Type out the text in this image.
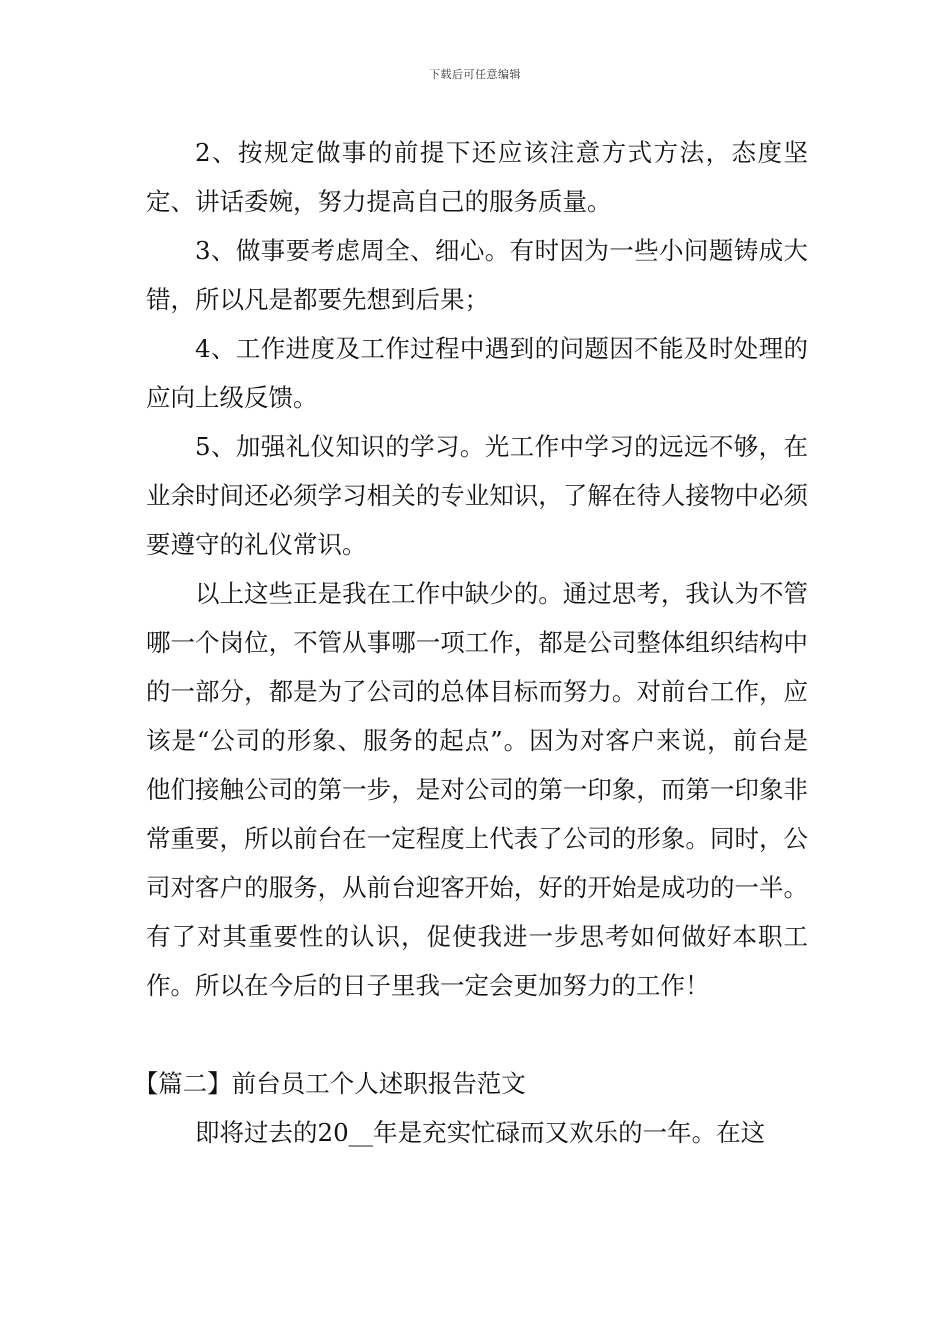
下载后可任意编辑

2、按规定做事的前提下还应该注意方式方法，态度坚定、讲话委婉，努力提高自己的服务质量。

3、做事要考虑周全、细心。有时因为一些小问题铸成大错，所以凡是都要先想到后果；

4、工作进度及工作过程中遇到的问题因不能及时处理的应向上级反馈。

5、加强礼仪知识的学习。光工作中学习的远远不够，在业余时间还必须学习相关的专业知识，了解在待人接物中必须要遵守的礼仪常识。

以上这些正是我在工作中缺少的。通过思考，我认为不管哪一个岗位，不管从事哪一项工作，都是公司整体组织结构中的一部分，都是为了公司的总体目标而努力。对前台工作，应该是“公司的形象、服务的起点”。因为对客户来说，前台是他们接触公司的第一步，是对公司的第一印象，而第一印象非常重要，所以前台在一定程度上代表了公司的形象。同时，公司对客户的服务，从前台迎客开始，好的开始是成功的一半。有了对其重要性的认识，促使我进一步思考如何做好本职工作。所以在今后的日子里我一定会更加努力的工作！

【篇二】前台员工个人述职报告范文

即将过去的20__年是充实忙碌而又欢乐的一年。在这
